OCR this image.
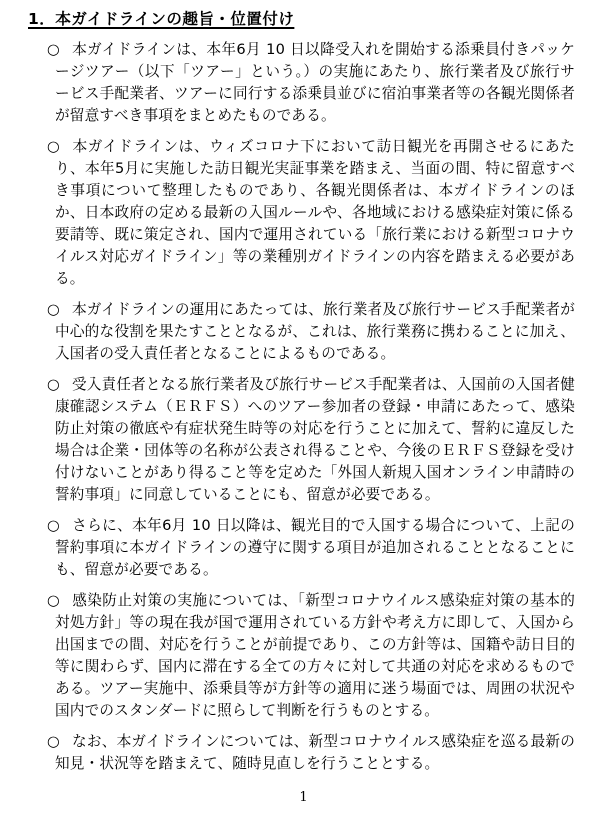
1．本ガイドラインの趣旨・位置付け
○ 本ガイドラインは、本年6月 10 日以降受入れを開始する添乗員付きパッケージツアー（以下「ツアー」という。）の実施にあたり、旅行業者及び旅行サービス手配業者、ツアーに同行する添乗員並びに宿泊事業者等の各観光関係者が留意すべき事項をまとめたものである。
○ 本ガイドラインは、ウィズコロナ下において訪日観光を再開させるにあたり、本年5月に実施した訪日観光実証事業を踏まえ、当面の間、特に留意すべき事項について整理したものであり、各観光関係者は、本ガイドラインのほか、日本政府の定める最新の入国ルールや、各地域における感染症対策に係る要請等、既に策定され、国内で運用されている「旅行業における新型コロナウイルス対応ガイドライン」等の業種別ガイドラインの内容を踏まえる必要がある。
○ 本ガイドラインの運用にあたっては、旅行業者及び旅行サービス手配業者が中心的な役割を果たすこととなるが、これは、旅行業務に携わることに加え、入国者の受入責任者となることによるものである。
○ 受入責任者となる旅行業者及び旅行サービス手配業者は、入国前の入国者健康確認システム（ＥＲＦＳ）へのツアー参加者の登録・申請にあたって、感染防止対策の徹底や有症状発生時等の対応を行うことに加えて、誓約に違反した場合は企業・団体等の名称が公表され得ることや、今後のＥＲＦＳ登録を受け付けないことがあり得ること等を定めた「外国人新規入国オンライン申請時の誓約事項」に同意していることにも、留意が必要である。
○ さらに、本年6月 10 日以降は、観光目的で入国する場合について、上記の誓約事項に本ガイドラインの遵守に関する項目が追加されることとなることにも、留意が必要である。
○ 感染防止対策の実施については、「新型コロナウイルス感染症対策の基本的対処方針」等の現在我が国で運用されている方針や考え方に即して、入国から出国までの間、対応を行うことが前提であり、この方針等は、国籍や訪日目的等に関わらず、国内に滞在する全ての方々に対して共通の対応を求めるものである。ツアー実施中、添乗員等が方針等の適用に迷う場面では、周囲の状況や国内でのスタンダードに照らして判断を行うものとする。
○ なお、本ガイドラインについては、新型コロナウイルス感染症を巡る最新の知見・状況等を踏まえて、随時見直しを行うこととする。
1
